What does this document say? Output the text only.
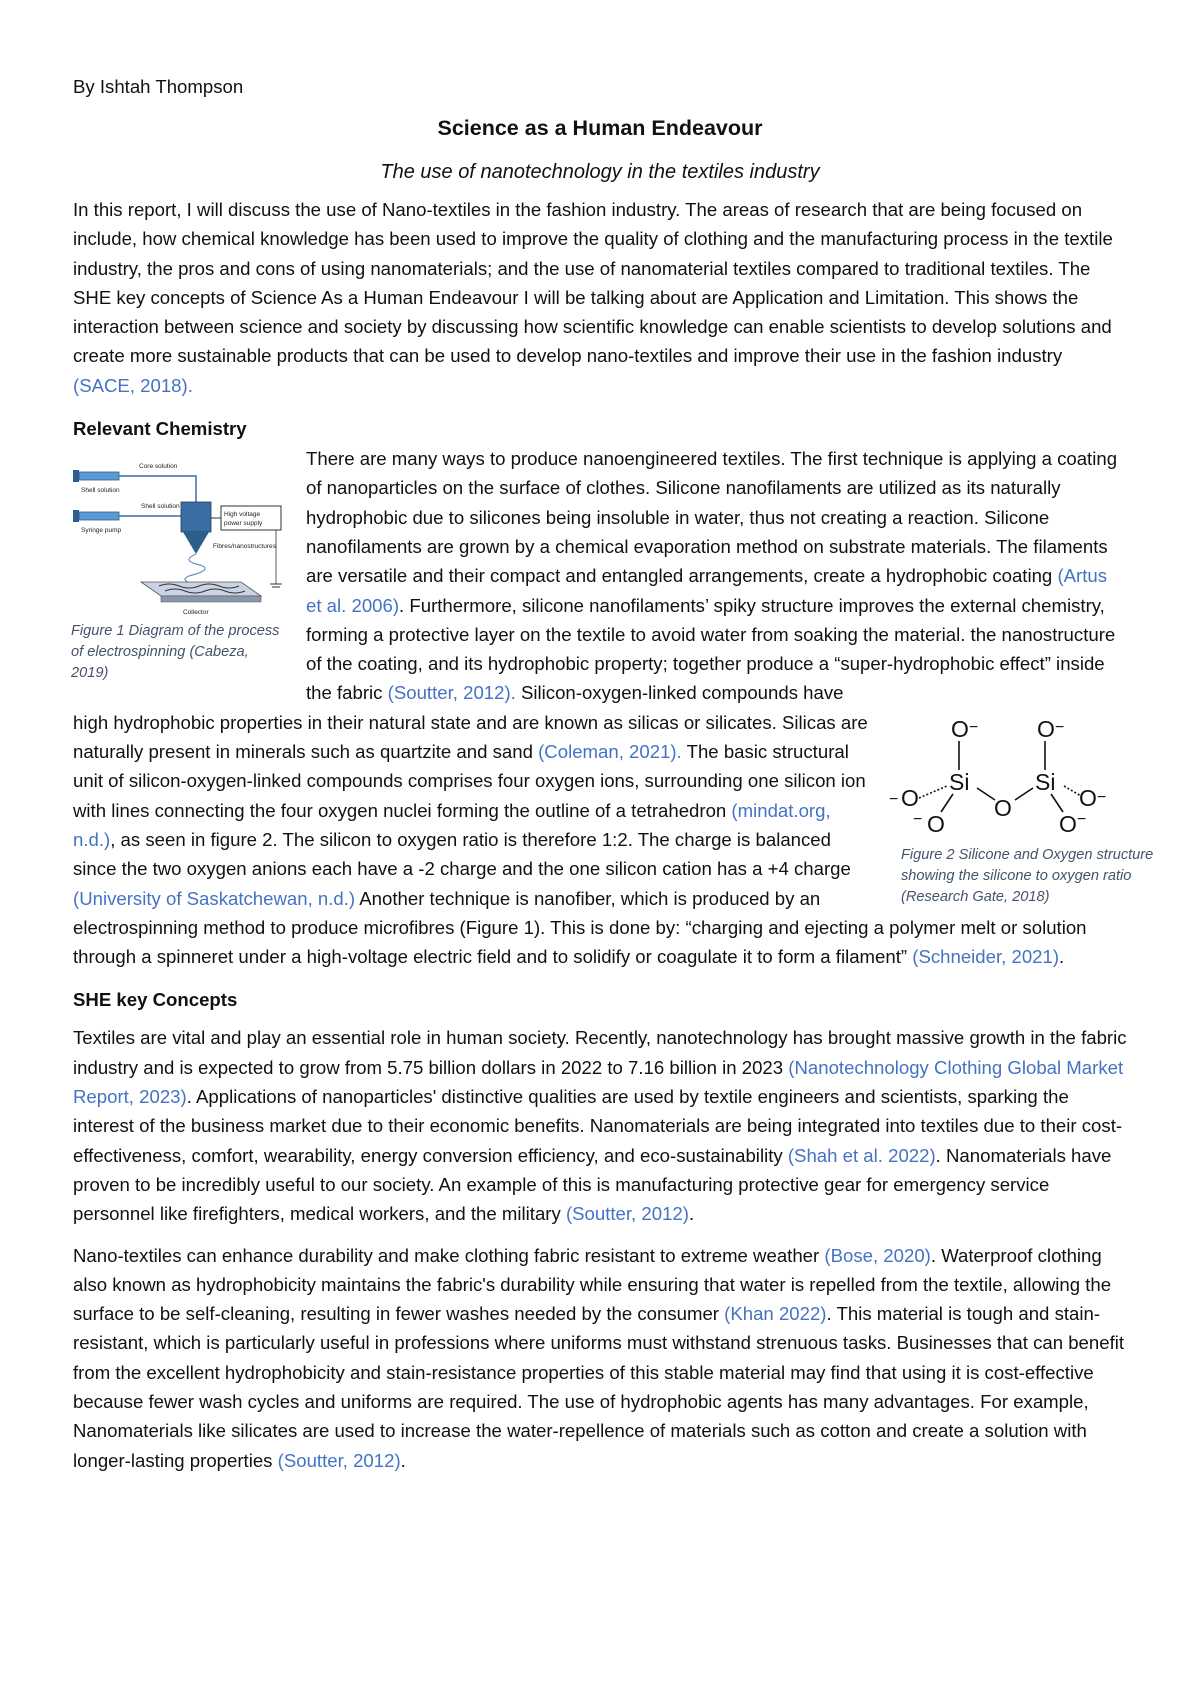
By Ishtah Thompson
Science as a Human Endeavour
The use of nanotechnology in the textiles industry

In this report, I will discuss the use of Nano-textiles in the fashion industry. The areas of research that are being focused on include, how chemical knowledge has been used to improve the quality of clothing and the manufacturing process in the textile industry, the pros and cons of using nanomaterials; and the use of nanomaterial textiles compared to traditional textiles. The SHE key concepts of Science As a Human Endeavour I will be talking about are Application and Limitation. This shows the interaction between science and society by discussing how scientific knowledge can enable scientists to develop solutions and create more sustainable products that can be used to develop nano-textiles and improve their use in the fashion industry (SACE, 2018).

Relevant Chemistry
Core solution
Shell solution
Shell solution
Syringe pump
High voltage
power supply
Fibres/nanostructures
Collector
Figure 1 Diagram of the process of electrospinning (Cabeza, 2019)

There are many ways to produce nanoengineered textiles. The first technique is applying a coating of nanoparticles on the surface of clothes. Silicone nanofilaments are utilized as its naturally hydrophobic due to silicones being insoluble in water, thus not creating a reaction. Silicone nanofilaments are grown by a chemical evaporation method on substrate materials. The filaments are versatile and their compact and entangled arrangements, create a hydrophobic coating (Artus et al. 2006). Furthermore, silicone nanofilaments’ spiky structure improves the external chemistry, forming a protective layer on the textile to avoid water from soaking the material. the nanostructure of the coating, and its hydrophobic property; together produce a “super-hydrophobic effect” inside the fabric
O −	O −
Si	Si
− O	O	O −
− O	O −
Figure 2 Silicone and Oxygen structure showing the silicone to oxygen ratio (Research Gate, 2018)
(Soutter, 2012). Silicon-oxygen-linked compounds have high hydrophobic properties in their natural state and are known as silicas or silicates. Silicas are naturally present in minerals such as quartzite and sand (Coleman, 2021). The basic structural unit of silicon-oxygen-linked compounds comprises four oxygen ions, surrounding one silicon ion with lines connecting the four oxygen nuclei forming the outline of a tetrahedron (mindat.org, n.d.), as seen in figure 2. The silicon to oxygen ratio is therefore 1:2. The charge is balanced since the two oxygen anions each have a -2 charge and the one silicon cation has a +4 charge (University of Saskatchewan, n.d.) Another technique is nanofiber, which is produced by an electrospinning method to produce microfibres (Figure 1). This is done by: “charging and ejecting a polymer melt or solution through a spinneret under a high-voltage electric field and to solidify or coagulate it to form a filament” (Schneider, 2021).

SHE key Concepts

Textiles are vital and play an essential role in human society. Recently, nanotechnology has brought massive growth in the fabric industry and is expected to grow from 5.75 billion dollars in 2022 to 7.16 billion in 2023 (Nanotechnology Clothing Global Market Report, 2023). Applications of nanoparticles' distinctive qualities are used by textile engineers and scientists, sparking the interest of the business market due to their economic benefits. Nanomaterials are being integrated into textiles due to their cost-effectiveness, comfort, wearability, energy conversion efficiency, and eco-sustainability (Shah et al. 2022). Nanomaterials have proven to be incredibly useful to our society. An example of this is manufacturing protective gear for emergency service personnel like firefighters, medical workers, and the military (Soutter, 2012).

Nano-textiles can enhance durability and make clothing fabric resistant to extreme weather (Bose, 2020). Waterproof clothing also known as hydrophobicity maintains the fabric's durability while ensuring that water is repelled from the textile, allowing the surface to be self-cleaning, resulting in fewer washes needed by the consumer (Khan 2022). This material is tough and stain-resistant, which is particularly useful in professions where uniforms must withstand strenuous tasks. Businesses that can benefit from the excellent hydrophobicity and stain-resistance properties of this stable material may find that using it is cost-effective because fewer wash cycles and uniforms are required. The use of hydrophobic agents has many advantages. For example, Nanomaterials like silicates are used to increase the water-repellence of materials such as cotton and create a solution with longer-lasting properties (Soutter, 2012).
